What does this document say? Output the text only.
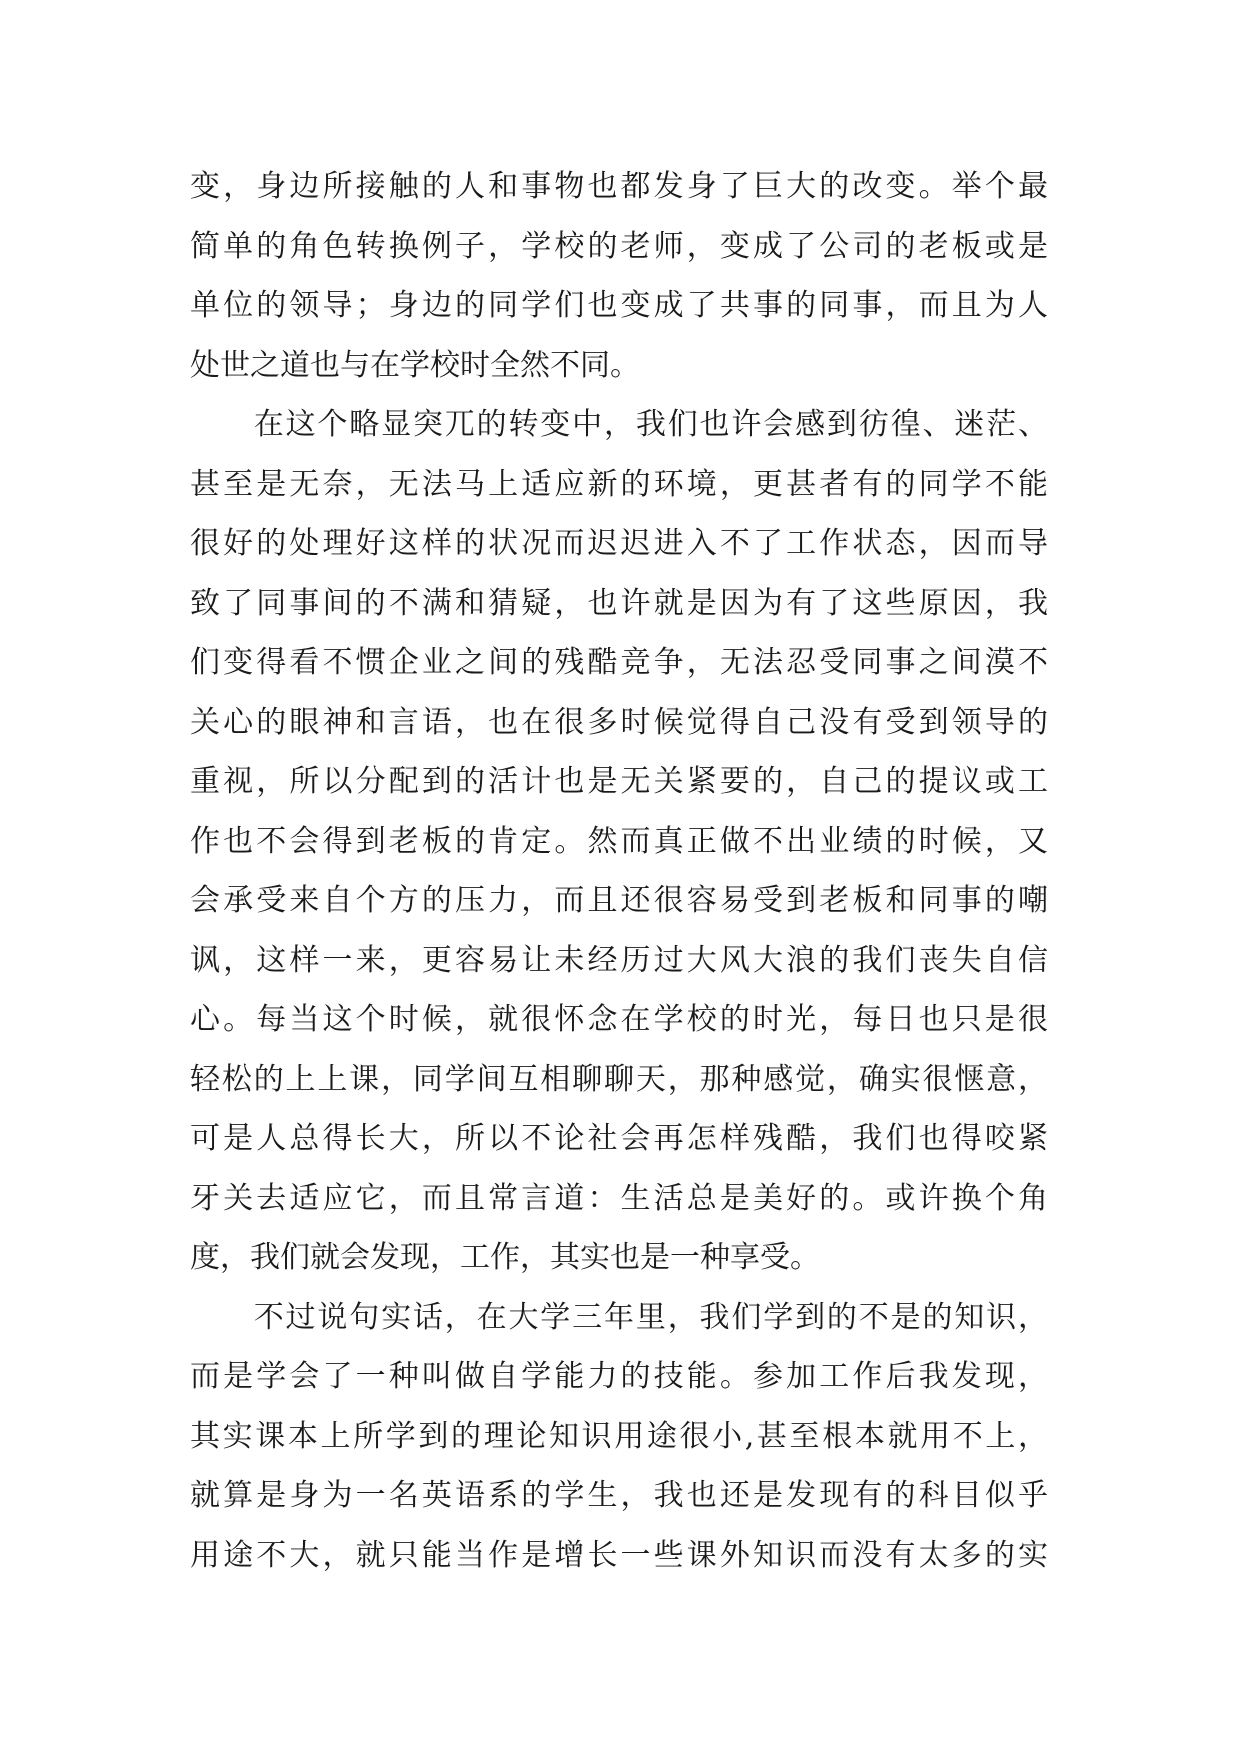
变，身边所接触的人和事物也都发身了巨大的改变。举个最
简单的角色转换例子，学校的老师，变成了公司的老板或是
单位的领导；身边的同学们也变成了共事的同事，而且为人
处世之道也与在学校时全然不同。
　　在这个略显突兀的转变中，我们也许会感到彷徨、迷茫、
甚至是无奈，无法马上适应新的环境，更甚者有的同学不能
很好的处理好这样的状况而迟迟进入不了工作状态，因而导
致了同事间的不满和猜疑，也许就是因为有了这些原因，我
们变得看不惯企业之间的残酷竞争，无法忍受同事之间漠不
关心的眼神和言语，也在很多时候觉得自己没有受到领导的
重视，所以分配到的活计也是无关紧要的，自己的提议或工
作也不会得到老板的肯定。然而真正做不出业绩的时候，又
会承受来自个方的压力，而且还很容易受到老板和同事的嘲
讽，这样一来，更容易让未经历过大风大浪的我们丧失自信
心。每当这个时候，就很怀念在学校的时光，每日也只是很
轻松的上上课，同学间互相聊聊天，那种感觉，确实很惬意，
可是人总得长大，所以不论社会再怎样残酷，我们也得咬紧
牙关去适应它，而且常言道：生活总是美好的。或许换个角
度，我们就会发现，工作，其实也是一种享受。
　　不过说句实话，在大学三年里，我们学到的不是的知识，
而是学会了一种叫做自学能力的技能。参加工作后我发现，
其实课本上所学到的理论知识用途很小,甚至根本就用不上，
就算是身为一名英语系的学生，我也还是发现有的科目似乎
用途不大，就只能当作是增长一些课外知识而没有太多的实
